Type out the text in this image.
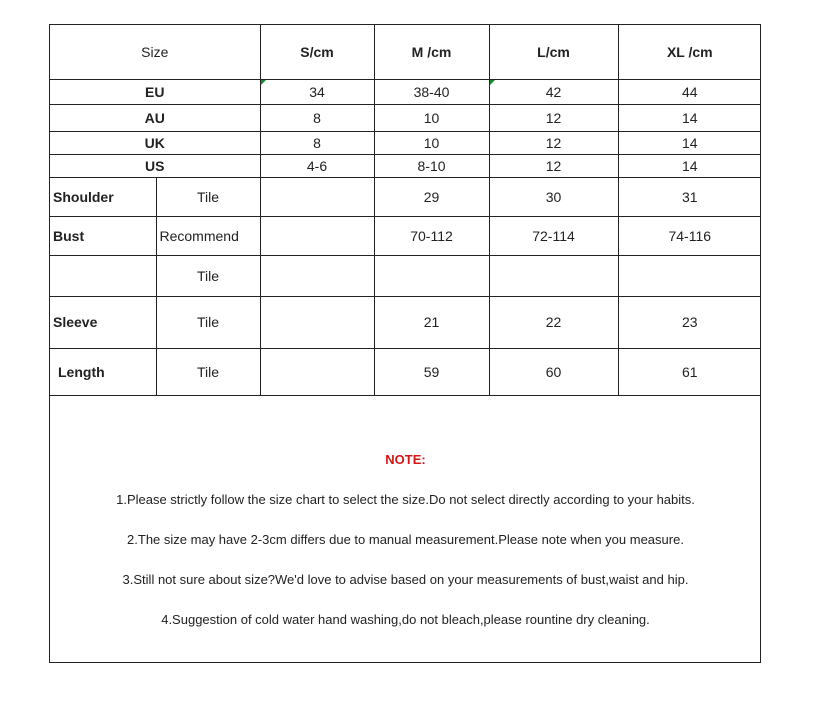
Size		S/cm	M /cm	L/cm	XL /cm
EU		34	38-40	42	44
AU		8	10	12	14
UK		8	10	12	14
US		4-6	8-10	12	14
Shoulder	Tile		29	30	31
Bust	Recommend		70-112	72-114	74-116
	Tile				
Sleeve	Tile		21	22	23
Length	Tile		59	60	61
NOTE:
1.Please strictly follow the size chart to select the size.Do not select directly according to your habits.
2.The size may have 2-3cm differs due to manual measurement.Please note when you measure.
3.Still not sure about size?We'd love to advise based on your measurements of bust,waist and hip.
4.Suggestion of cold water hand washing,do not bleach,please rountine dry cleaning.
